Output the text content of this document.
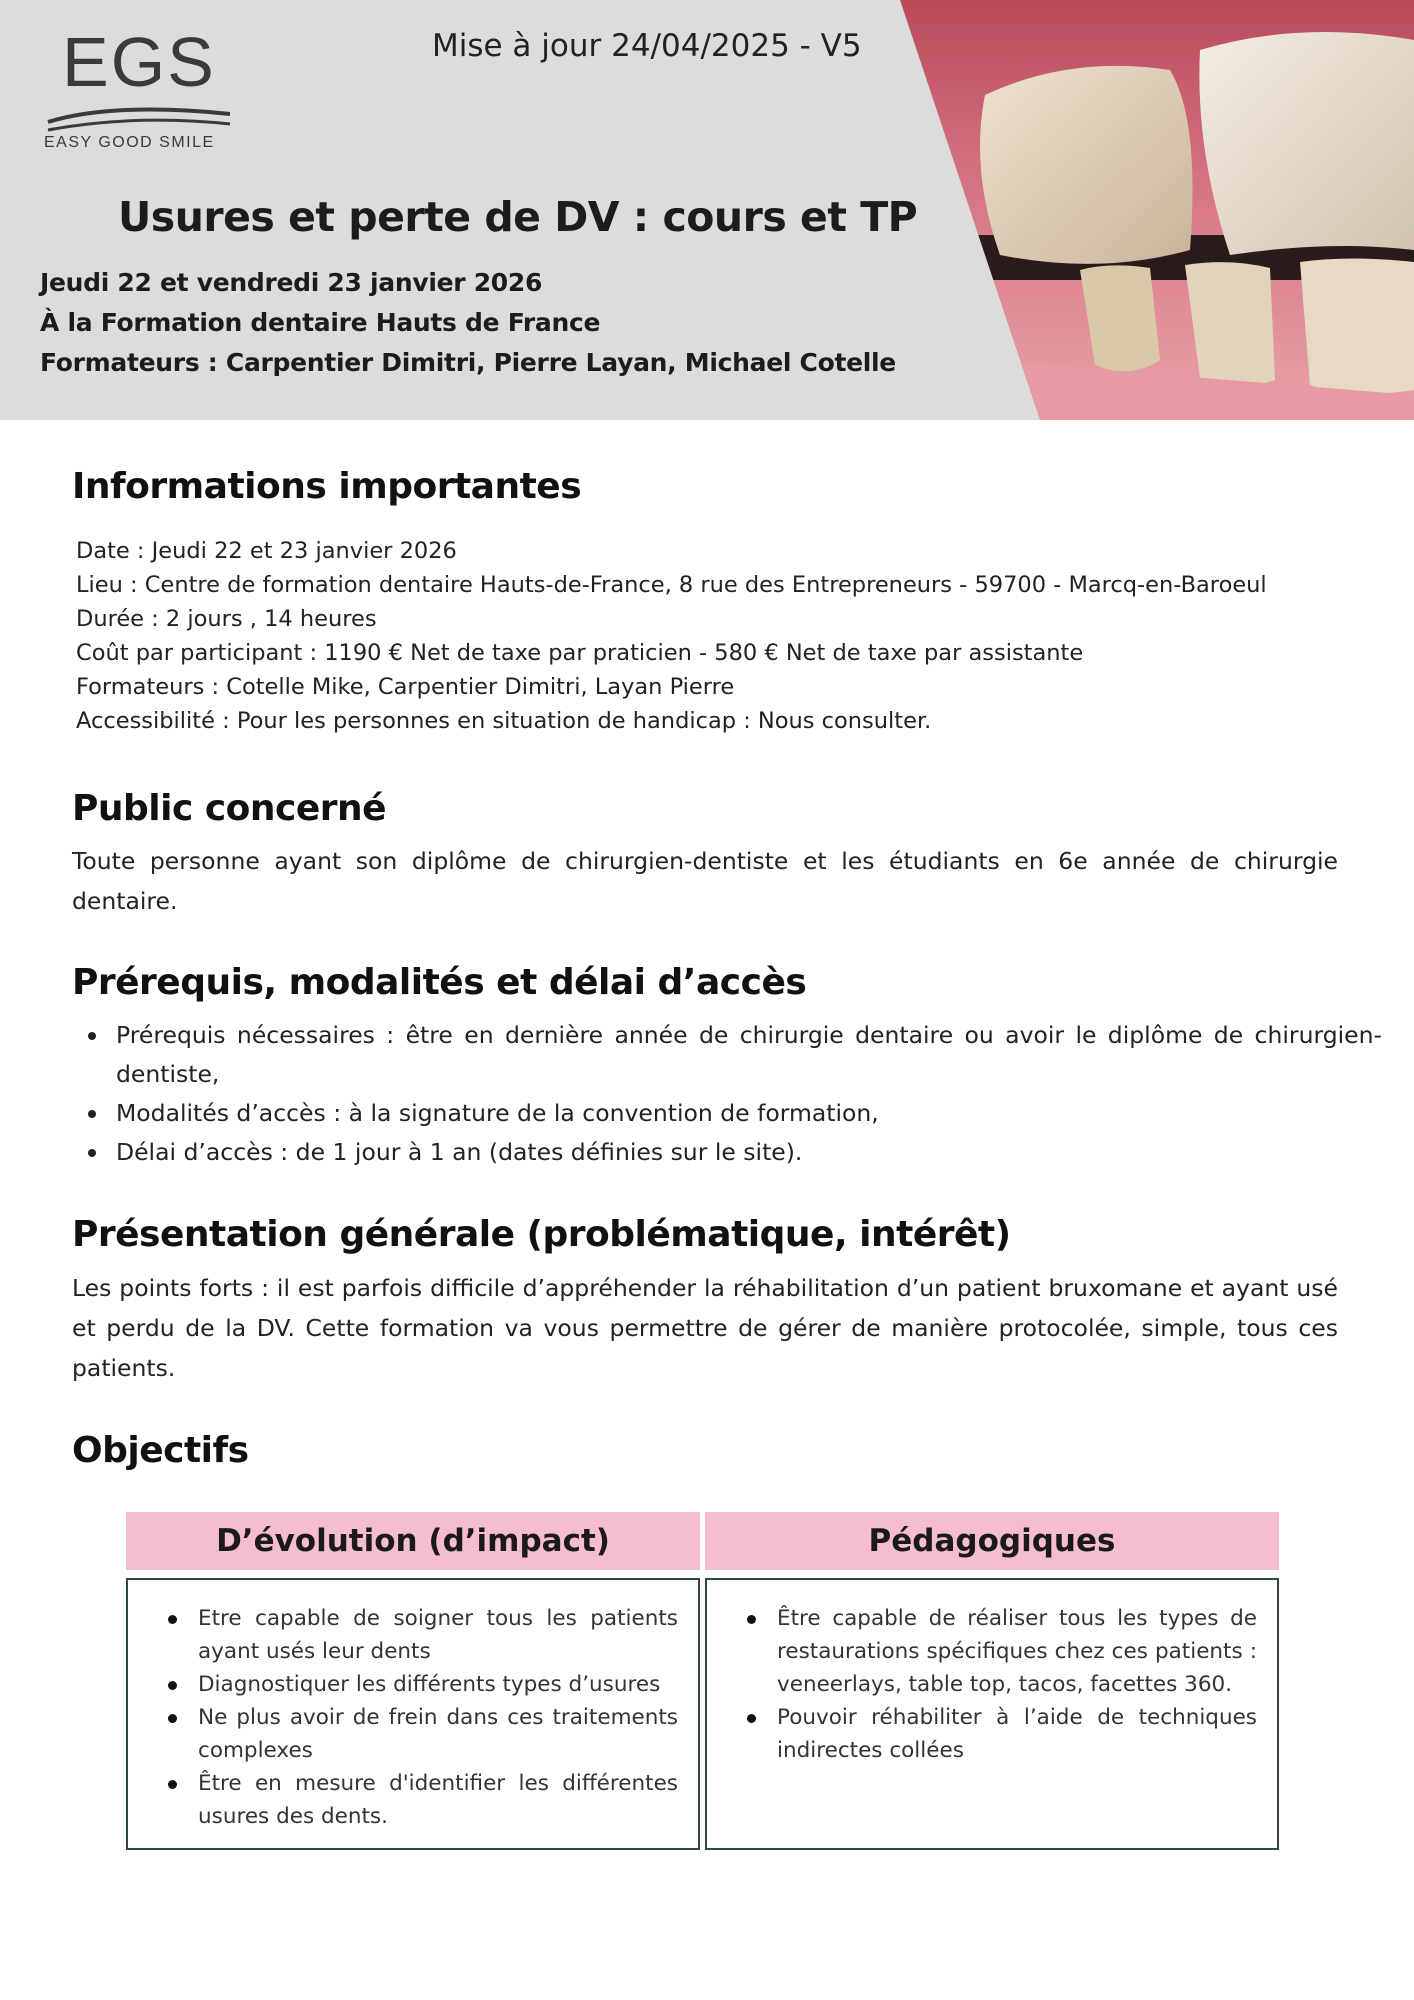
EGS
EASY GOOD SMILE
Mise à jour 24/04/2025 - V5
Usures et perte de DV : cours et TP
Jeudi 22 et vendredi 23 janvier 2026
À la Formation dentaire Hauts de France
Formateurs : Carpentier Dimitri, Pierre Layan, Michael Cotelle
Informations importantes
Date : Jeudi 22 et 23 janvier 2026
Lieu : Centre de formation dentaire Hauts-de-France, 8 rue des Entrepreneurs - 59700 - Marcq-en-Baroeul
Durée : 2 jours , 14 heures
Coût par participant : 1190 € Net de taxe par praticien - 580 € Net de taxe par assistante
Formateurs : Cotelle Mike, Carpentier Dimitri, Layan Pierre
Accessibilité : Pour les personnes en situation de handicap : Nous consulter.
Public concerné
Toute personne ayant son diplôme de chirurgien-dentiste et les étudiants en 6e année de chirurgie dentaire.
Prérequis, modalités et délai d’accès
Prérequis nécessaires : être en dernière année de chirurgie dentaire ou avoir le diplôme de chirurgien-dentiste,
Modalités d’accès : à la signature de la convention de formation,
Délai d’accès : de 1 jour à 1 an (dates définies sur le site).
Présentation générale (problématique, intérêt)
Les points forts : il est parfois difficile d’appréhender la réhabilitation d’un patient bruxomane et ayant usé et perdu de la DV. Cette formation va vous permettre de gérer de manière protocolée, simple, tous ces patients.
Objectifs
D’évolution (d’impact)	Pédagogiques
Etre capable de soigner tous les patients ayant usés leur dents
Diagnostiquer les différents types d’usures
Ne plus avoir de frein dans ces traitements complexes
Être en mesure d'identifier les différentes usures des dents.
Être capable de réaliser tous les types de restaurations spécifiques chez ces patients : veneerlays, table top, tacos, facettes 360.
Pouvoir réhabiliter à l’aide de techniques indirectes collées
